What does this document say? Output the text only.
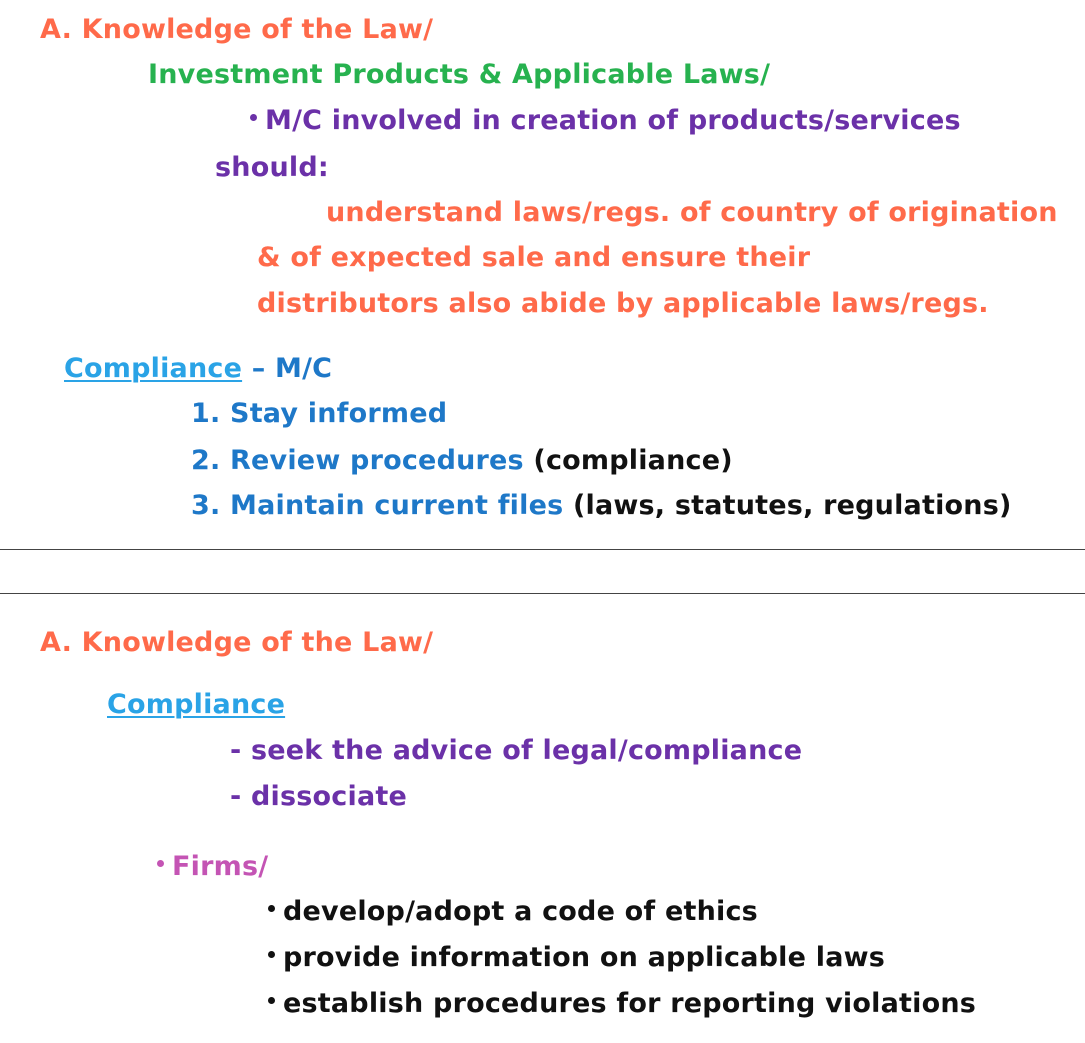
A. Knowledge of the Law/
Investment Products & Applicable Laws/
M/C involved in creation of products/services
should:
understand laws/regs. of country of origination
& of expected sale and ensure their
distributors also abide by applicable laws/regs.
Compliance – M/C
1. Stay informed
2. Review procedures (compliance)
3. Maintain current files (laws, statutes, regulations)
A. Knowledge of the Law/
Compliance
- seek the advice of legal/compliance
- dissociate
Firms/
develop/adopt a code of ethics
provide information on applicable laws
establish procedures for reporting violations
